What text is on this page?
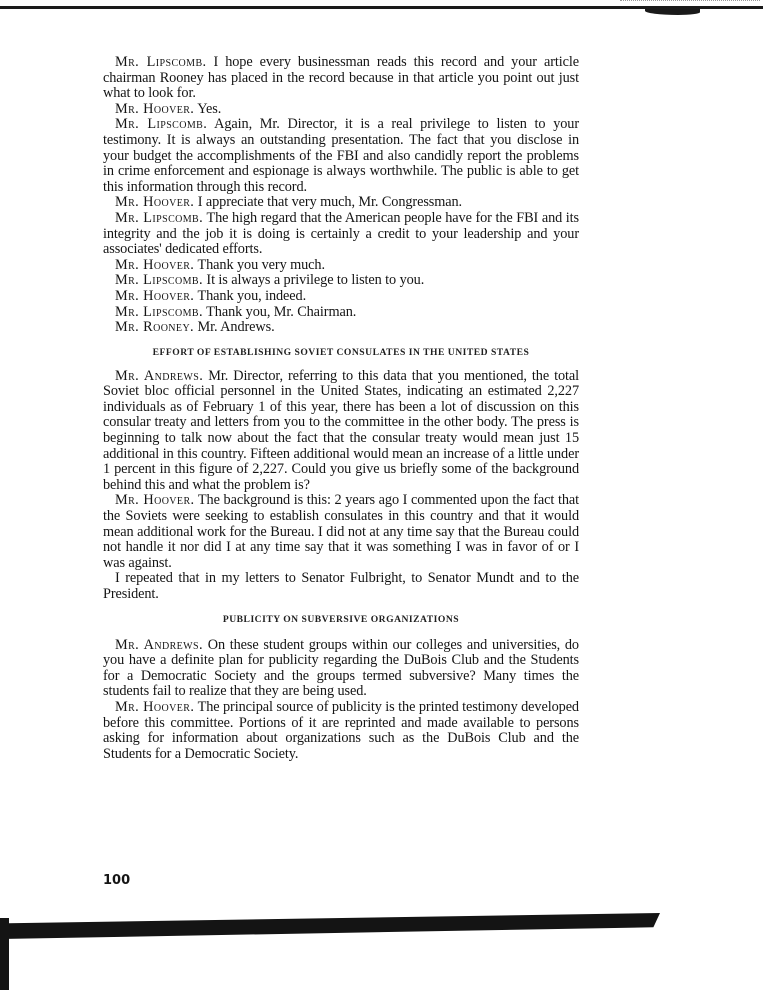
Mr. Lipscomb. I hope every businessman reads this record and your article chairman Rooney has placed in the record because in that article you point out just what to look for.

Mr. Hoover. Yes.

Mr. Lipscomb. Again, Mr. Director, it is a real privilege to listen to your testimony. It is always an outstanding presentation. The fact that you disclose in your budget the accomplishments of the FBI and also candidly report the problems in crime enforcement and espionage is always worthwhile. The public is able to get this information through this record.

Mr. Hoover. I appreciate that very much, Mr. Congressman.

Mr. Lipscomb. The high regard that the American people have for the FBI and its integrity and the job it is doing is certainly a credit to your leadership and your associates' dedicated efforts.

Mr. Hoover. Thank you very much.

Mr. Lipscomb. It is always a privilege to listen to you.

Mr. Hoover. Thank you, indeed.

Mr. Lipscomb. Thank you, Mr. Chairman.

Mr. Rooney. Mr. Andrews.

EFFORT OF ESTABLISHING SOVIET CONSULATES IN THE UNITED STATES

Mr. Andrews. Mr. Director, referring to this data that you mentioned, the total Soviet bloc official personnel in the United States, indicating an estimated 2,227 individuals as of February 1 of this year, there has been a lot of discussion on this consular treaty and letters from you to the committee in the other body. The press is beginning to talk now about the fact that the consular treaty would mean just 15 additional in this country. Fifteen additional would mean an increase of a little under 1 percent in this figure of 2,227. Could you give us briefly some of the background behind this and what the problem is?

Mr. Hoover. The background is this: 2 years ago I commented upon the fact that the Soviets were seeking to establish consulates in this country and that it would mean additional work for the Bureau. I did not at any time say that the Bureau could not handle it nor did I at any time say that it was something I was in favor of or I was against.

I repeated that in my letters to Senator Fulbright, to Senator Mundt and to the President.

PUBLICITY ON SUBVERSIVE ORGANIZATIONS

Mr. Andrews. On these student groups within our colleges and universities, do you have a definite plan for publicity regarding the DuBois Club and the Students for a Democratic Society and the groups termed subversive? Many times the students fail to realize that they are being used.

Mr. Hoover. The principal source of publicity is the printed testimony developed before this committee. Portions of it are reprinted and made available to persons asking for information about organizations such as the DuBois Club and the Students for a Democratic Society.

100
